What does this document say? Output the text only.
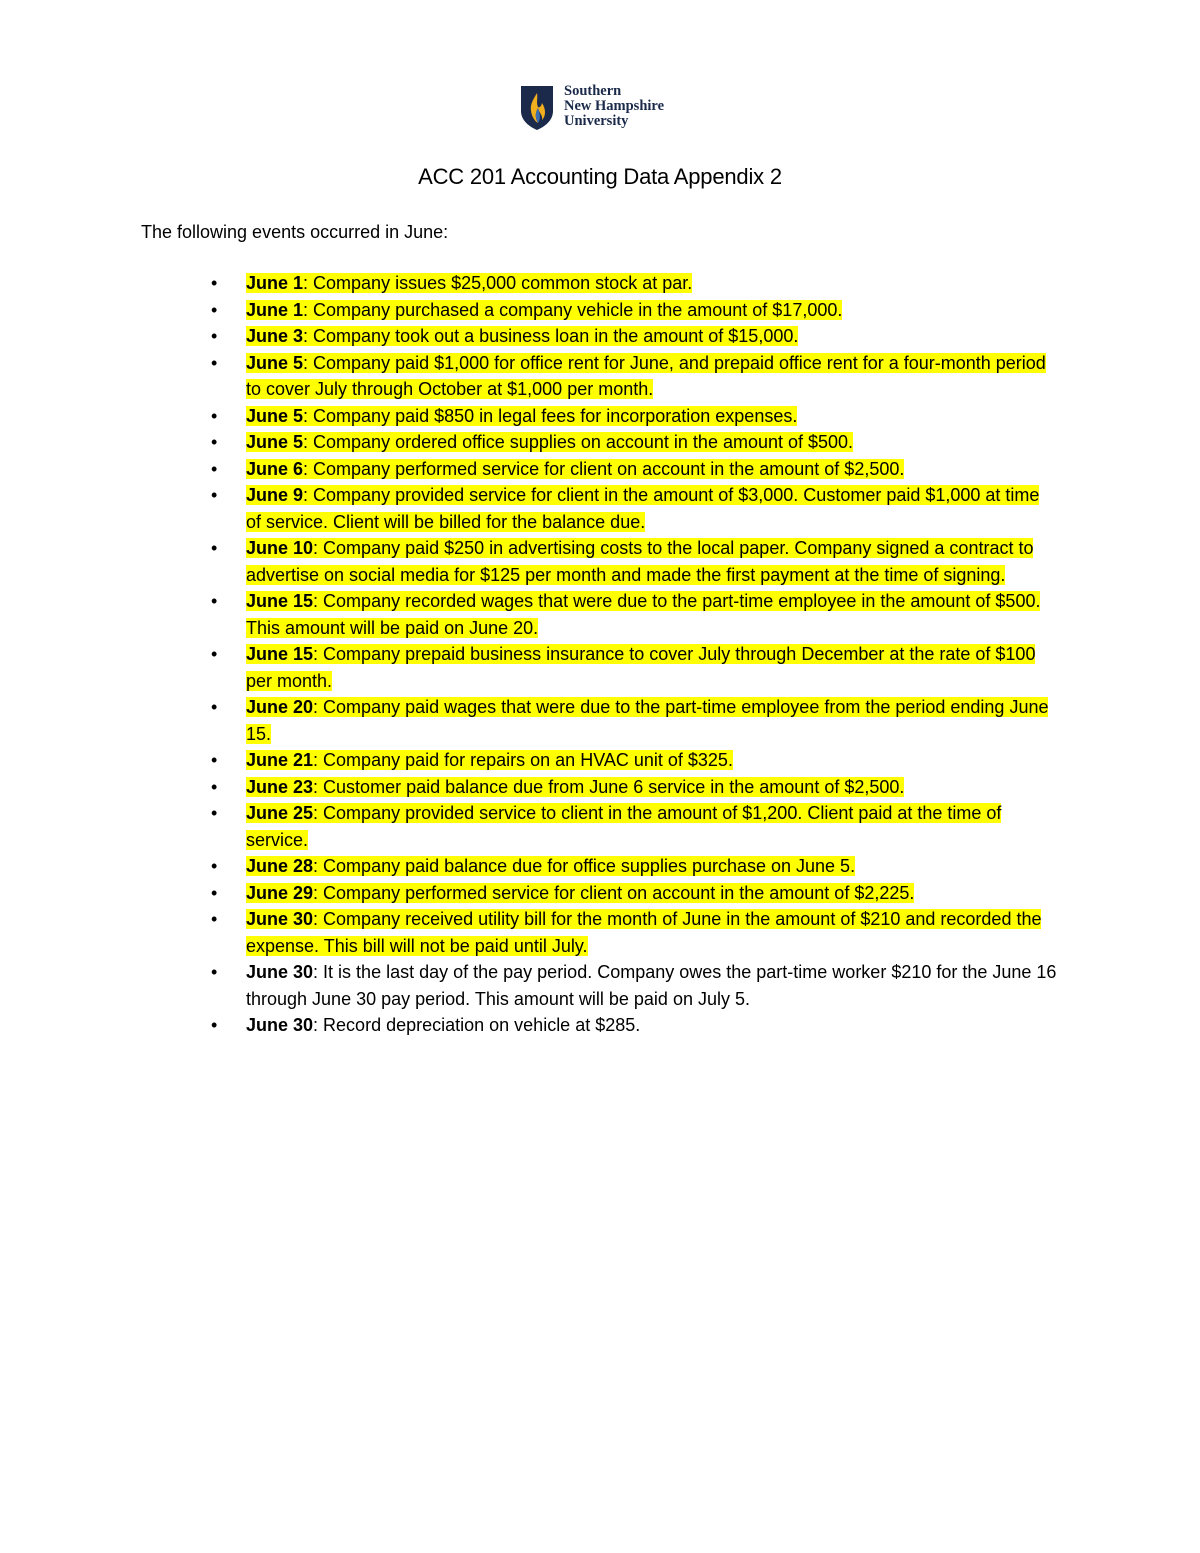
Southern
New Hampshire
University
ACC 201 Accounting Data Appendix 2

The following events occurred in June:

• June 1: Company issues $25,000 common stock at par.
• June 1: Company purchased a company vehicle in the amount of $17,000.
• June 3: Company took out a business loan in the amount of $15,000.
• June 5: Company paid $1,000 for office rent for June, and prepaid office rent for a four-month period to cover July through October at $1,000 per month.
• June 5: Company paid $850 in legal fees for incorporation expenses.
• June 5: Company ordered office supplies on account in the amount of $500.
• June 6: Company performed service for client on account in the amount of $2,500.
• June 9: Company provided service for client in the amount of $3,000. Customer paid $1,000 at time of service. Client will be billed for the balance due.
• June 10: Company paid $250 in advertising costs to the local paper. Company signed a contract to advertise on social media for $125 per month and made the first payment at the time of signing.
• June 15: Company recorded wages that were due to the part-time employee in the amount of $500. This amount will be paid on June 20.
• June 15: Company prepaid business insurance to cover July through December at the rate of $100 per month.
• June 20: Company paid wages that were due to the part-time employee from the period ending June 15.
• June 21: Company paid for repairs on an HVAC unit of $325.
• June 23: Customer paid balance due from June 6 service in the amount of $2,500.
• June 25: Company provided service to client in the amount of $1,200. Client paid at the time of service.
• June 28: Company paid balance due for office supplies purchase on June 5.
• June 29: Company performed service for client on account in the amount of $2,225.
• June 30: Company received utility bill for the month of June in the amount of $210 and recorded the expense. This bill will not be paid until July.
• June 30: It is the last day of the pay period. Company owes the part-time worker $210 for the June 16 through June 30 pay period. This amount will be paid on July 5.
• June 30: Record depreciation on vehicle at $285.
